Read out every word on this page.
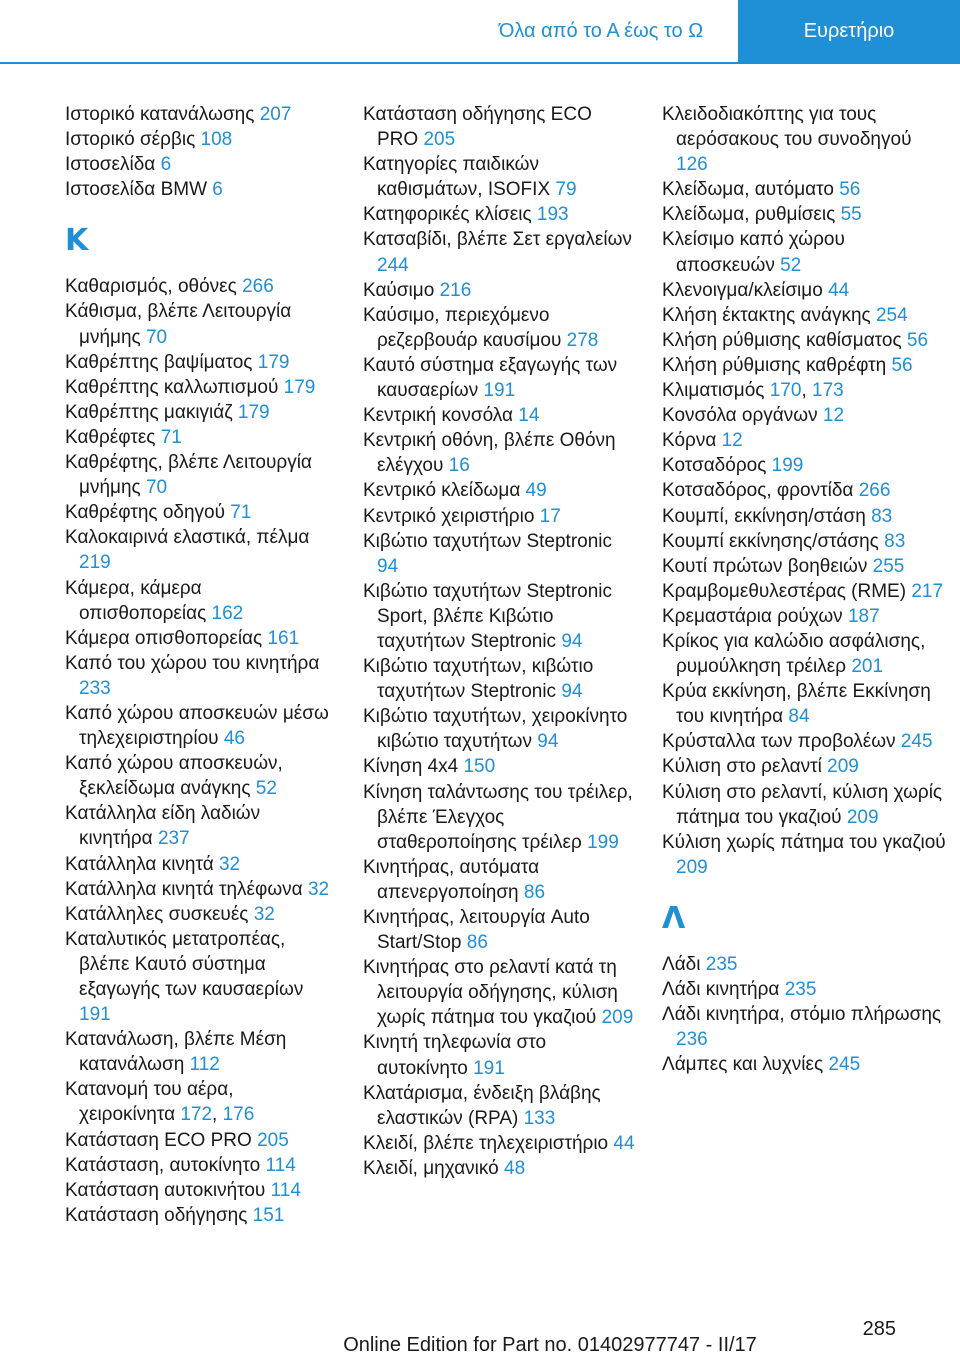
Όλα από το Α έως το Ω	Ευρετήριο
Ιστορικό κατανάλωσης 207
Ιστορικό σέρβις 108
Ιστοσελίδα 6
Ιστοσελίδα BMW 6
Κ
Καθαρισμός, οθόνες 266
Κάθισμα, βλέπε Λειτουργία μνήμης 70
Καθρέπτης βαψίματος 179
Καθρέπτης καλλωπισμού 179
Καθρέπτης μακιγιάζ 179
Καθρέφτες 71
Καθρέφτης, βλέπε Λειτουργία μνήμης 70
Καθρέφτης οδηγού 71
Καλοκαιρινά ελαστικά, πέλμα 219
Κάμερα, κάμερα οπισθοπορείας 162
Κάμερα οπισθοπορείας 161
Καπό του χώρου του κινητήρα 233
Καπό χώρου αποσκευών μέσω τηλεχειριστηρίου 46
Καπό χώρου αποσκευών, ξεκλείδωμα ανάγκης 52
Κατάλληλα είδη λαδιών κινητήρα 237
Κατάλληλα κινητά 32
Κατάλληλα κινητά τηλέφωνα 32
Κατάλληλες συσκευές 32
Καταλυτικός μετατροπέας, βλέπε Καυτό σύστημα εξαγωγής των καυσαερίων 191
Κατανάλωση, βλέπε Μέση κατανάλωση 112
Κατανομή του αέρα, χειροκίνητα 172, 176
Κατάσταση ECO PRO 205
Κατάσταση, αυτοκίνητο 114
Κατάσταση αυτοκινήτου 114
Κατάσταση οδήγησης 151
Κατάσταση οδήγησης ECO PRO 205
Κατηγορίες παιδικών καθισμάτων, ISOFIX 79
Κατηφορικές κλίσεις 193
Κατσαβίδι, βλέπε Σετ εργαλείων 244
Καύσιμο 216
Καύσιμο, περιεχόμενο ρεζερβουάρ καυσίμου 278
Καυτό σύστημα εξαγωγής των καυσαερίων 191
Κεντρική κονσόλα 14
Κεντρική οθόνη, βλέπε Οθόνη ελέγχου 16
Κεντρικό κλείδωμα 49
Κεντρικό χειριστήριο 17
Κιβώτιο ταχυτήτων Steptronic 94
Κιβώτιο ταχυτήτων Steptronic Sport, βλέπε Κιβώτιο ταχυτήτων Steptronic 94
Κιβώτιο ταχυτήτων, κιβώτιο ταχυτήτων Steptronic 94
Κιβώτιο ταχυτήτων, χειροκίνητο κιβώτιο ταχυτήτων 94
Κίνηση 4x4 150
Κίνηση ταλάντωσης του τρέιλερ, βλέπε Έλεγχος σταθεροποίησης τρέιλερ 199
Κινητήρας, αυτόματα απενεργοποίηση 86
Κινητήρας, λειτουργία Auto Start/Stop 86
Κινητήρας στο ρελαντί κατά τη λειτουργία οδήγησης, κύλιση χωρίς πάτημα του γκαζιού 209
Κινητή τηλεφωνία στο αυτοκίνητο 191
Κλατάρισμα, ένδειξη βλάβης ελαστικών (RPA) 133
Κλειδί, βλέπε τηλεχειριστήριο 44
Κλειδί, μηχανικό 48
Κλειδοδιακόπτης για τους αερόσακους του συνοδηγού 126
Κλείδωμα, αυτόματο 56
Κλείδωμα, ρυθμίσεις 55
Κλείσιμο καπό χώρου αποσκευών 52
Κλενοιγμα/κλείσιμο 44
Κλήση έκτακτης ανάγκης 254
Κλήση ρύθμισης καθίσματος 56
Κλήση ρύθμισης καθρέφτη 56
Κλιματισμός 170, 173
Κονσόλα οργάνων 12
Κόρνα 12
Κοτσαδόρος 199
Κοτσαδόρος, φροντίδα 266
Κουμπί, εκκίνηση/στάση 83
Κουμπί εκκίνησης/στάσης 83
Κουτί πρώτων βοηθειών 255
Κραμβομεθυλεστέρας (RME) 217
Κρεμαστάρια ρούχων 187
Κρίκος για καλώδιο ασφάλισης, ρυμούλκηση τρέιλερ 201
Κρύα εκκίνηση, βλέπε Εκκίνηση του κινητήρα 84
Κρύσταλλα των προβολέων 245
Κύλιση στο ρελαντί 209
Κύλιση στο ρελαντί, κύλιση χωρίς πάτημα του γκαζιού 209
Κύλιση χωρίς πάτημα του γκαζιού 209
Λ
Λάδι 235
Λάδι κινητήρα 235
Λάδι κινητήρα, στόμιο πλήρωσης 236
Λάμπες και λυχνίες 245
285
Online Edition for Part no. 01402977747 - II/17
